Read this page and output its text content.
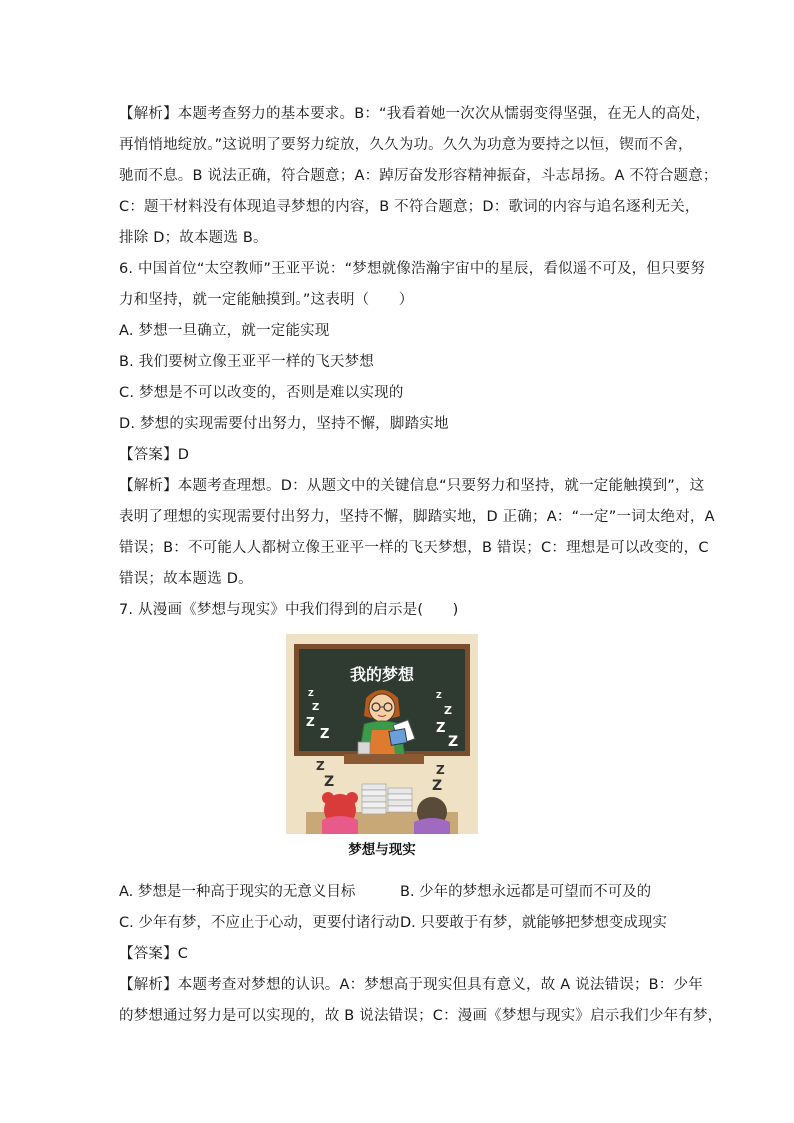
【解析】本题考查努力的基本要求。B：“我看着她一次次从懦弱变得坚强，在无人的高处，
再悄悄地绽放。”这说明了要努力绽放，久久为功。久久为功意为要持之以恒，锲而不舍，
驰而不息。B 说法正确，符合题意；A：踔厉奋发形容精神振奋，斗志昂扬。A 不符合题意；
C：题干材料没有体现追寻梦想的内容，B 不符合题意；D：歌词的内容与追名逐利无关，
排除 D；故本题选 B。
6. 中国首位“太空教师”王亚平说：“梦想就像浩瀚宇宙中的星辰，看似遥不可及，但只要努
力和坚持，就一定能触摸到。”这表明（　　）
A. 梦想一旦确立，就一定能实现
B. 我们要树立像王亚平一样的飞天梦想
C. 梦想是不可以改变的，否则是难以实现的
D. 梦想的实现需要付出努力，坚持不懈，脚踏实地
【答案】D
【解析】本题考查理想。D：从题文中的关键信息“只要努力和坚持，就一定能触摸到”，这
表明了理想的实现需要付出努力，坚持不懈，脚踏实地，D 正确；A：“一定”一词太绝对，A
错误；B：不可能人人都树立像王亚平一样的飞天梦想，B 错误；C：理想是可以改变的，C
错误；故本题选 D。
7. 从漫画《梦想与现实》中我们得到的启示是(　　)
我的梦想
Z
Z
Z
Z
Z
Z
Z
Z
Z
Z
Z
Z
梦想与现实
A. 梦想是一种高于现实的无意义目标	B. 少年的梦想永远都是可望而不可及的
C. 少年有梦，不应止于心动，更要付诸行动 D. 只要敢于有梦，就能够把梦想变成现实
【答案】C
【解析】本题考查对梦想的认识。A：梦想高于现实但具有意义，故 A 说法错误；B：少年
的梦想通过努力是可以实现的，故 B 说法错误；C：漫画《梦想与现实》启示我们少年有梦，
